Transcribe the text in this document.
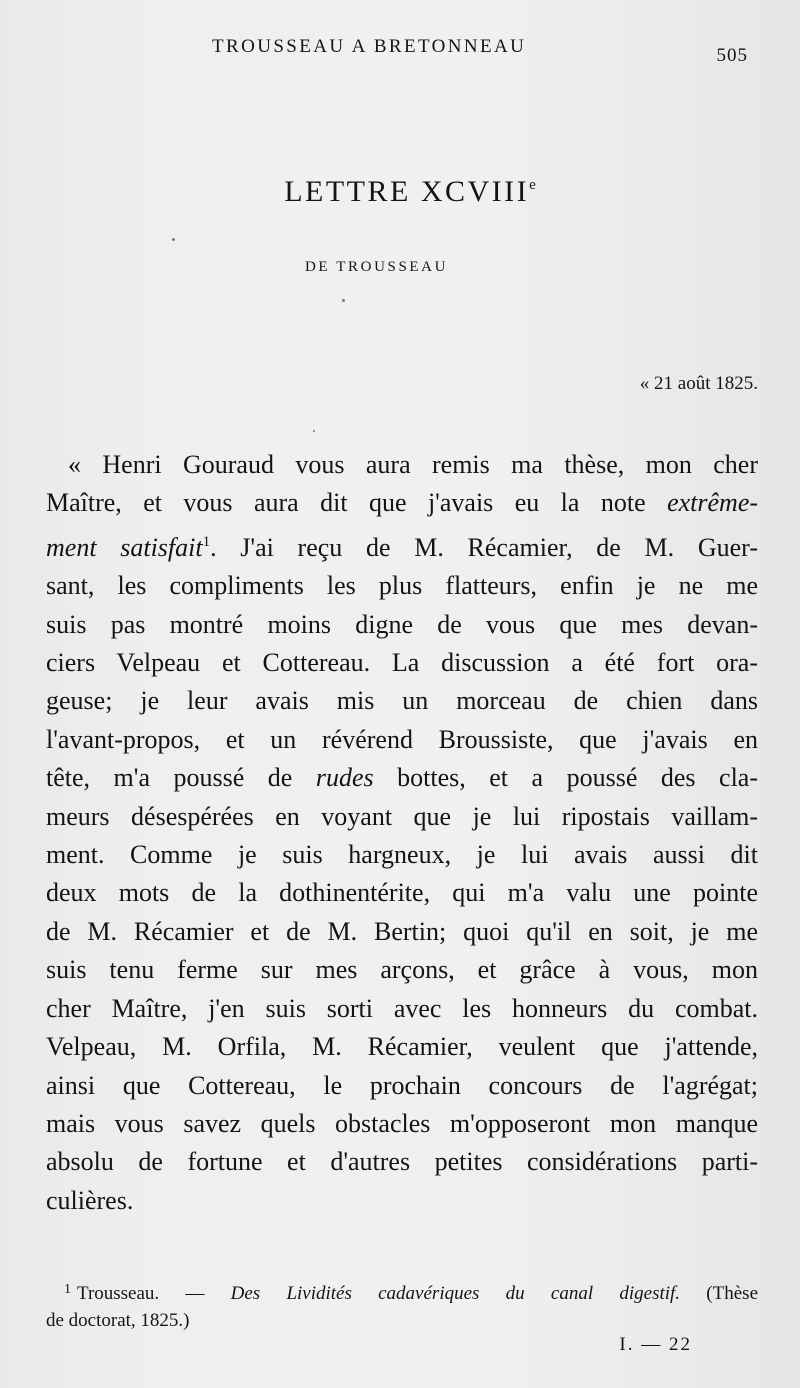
TROUSSEAU A BRETONNEAU	505
LETTRE XCVIIIe
DE TROUSSEAU
« 21 août 1825.
« Henri Gouraud vous aura remis ma thèse, mon cher
Maître, et vous aura dit que j'avais eu la note extrême-
ment satisfait$^1$. J'ai reçu de M. Récamier, de M. Guer-
sant, les compliments les plus flatteurs, enfin je ne me
suis pas montré moins digne de vous que mes devan-
ciers Velpeau et Cottereau. La discussion a été fort ora-
geuse; je leur avais mis un morceau de chien dans
l'avant-propos, et un révérend Broussiste, que j'avais en
tête, m'a poussé de rudes bottes, et a poussé des cla-
meurs désespérées en voyant que je lui ripostais vaillam-
ment. Comme je suis hargneux, je lui avais aussi dit
deux mots de la dothinentérite, qui m'a valu une pointe
de M. Récamier et de M. Bertin; quoi qu'il en soit, je me
suis tenu ferme sur mes arçons, et grâce à vous, mon
cher Maître, j'en suis sorti avec les honneurs du combat.
Velpeau, M. Orfila, M. Récamier, veulent que j'attende,
ainsi que Cottereau, le prochain concours de l'agrégat;
mais vous savez quels obstacles m'opposeront mon manque
absolu de fortune et d'autres petites considérations parti-
culières.
$^1$ Trousseau. — Des Lividités cadavériques du canal digestif. (Thèse
de doctorat, 1825.)
I. — 22
